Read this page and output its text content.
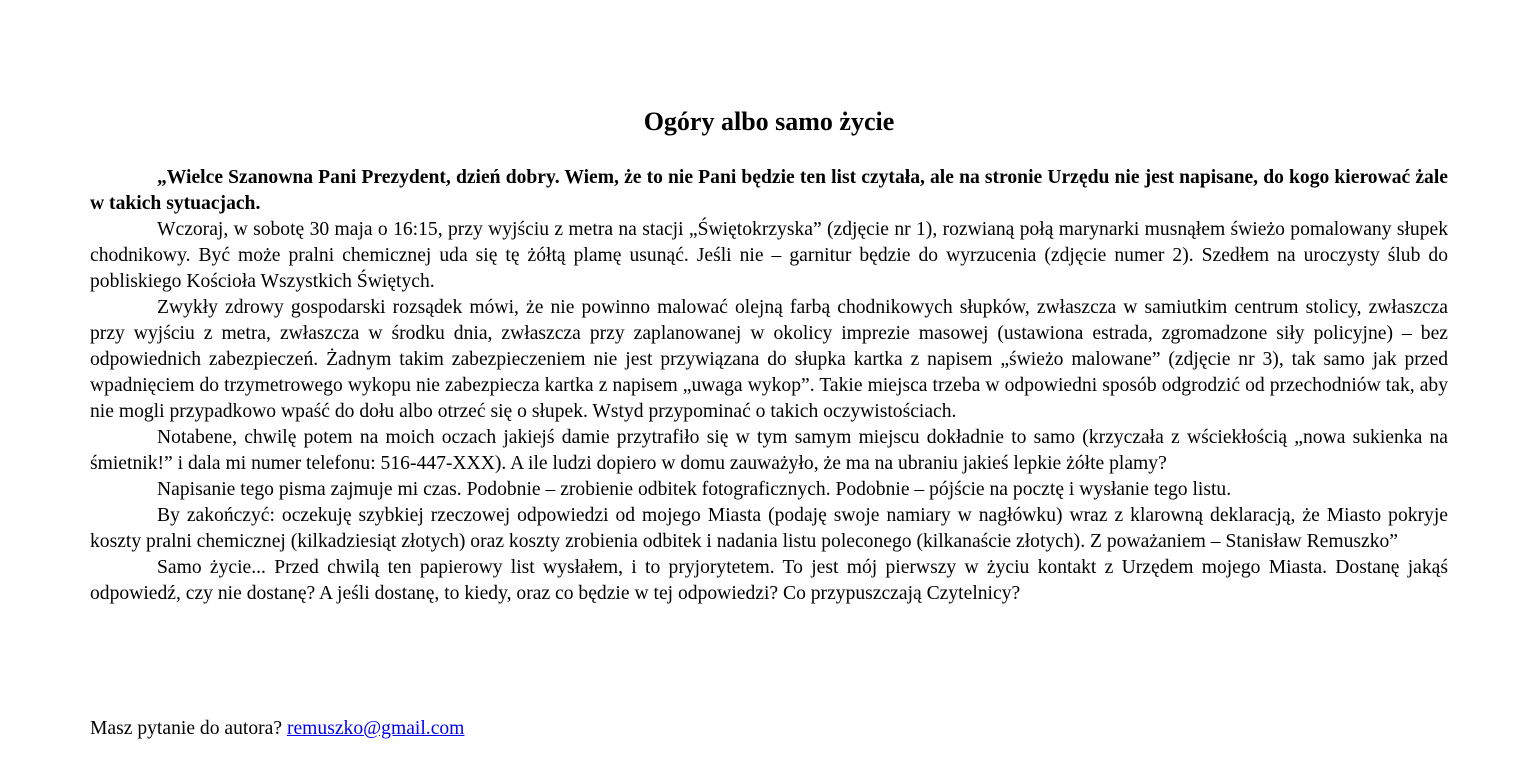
Ogóry albo samo życie

„Wielce Szanowna Pani Prezydent, dzień dobry. Wiem, że to nie Pani będzie ten list czytała, ale na stronie Urzędu nie jest napisane, do kogo kierować żale w takich sytuacjach.

Wczoraj, w sobotę 30 maja o 16:15, przy wyjściu z metra na stacji „Świętokrzyska” (zdjęcie nr 1), rozwianą połą marynarki musnąłem świeżo pomalowany słupek chodnikowy. Być może pralni chemicznej uda się tę żółtą plamę usunąć. Jeśli nie – garnitur będzie do wyrzucenia (zdjęcie numer 2). Szedłem na uroczysty ślub do pobliskiego Kościoła Wszystkich Świętych.

Zwykły zdrowy gospodarski rozsądek mówi, że nie powinno malować olejną farbą chodnikowych słupków, zwłaszcza w samiutkim centrum stolicy, zwłaszcza przy wyjściu z metra, zwłaszcza w środku dnia, zwłaszcza przy zaplanowanej w okolicy imprezie masowej (ustawiona estrada, zgromadzone siły policyjne) – bez odpowiednich zabezpieczeń. Żadnym takim zabezpieczeniem nie jest przywiązana do słupka kartka z napisem „świeżo malowane” (zdjęcie nr 3), tak samo jak przed wpadnięciem do trzymetrowego wykopu nie zabezpiecza kartka z napisem „uwaga wykop”. Takie miejsca trzeba w odpowiedni sposób odgrodzić od przechodniów tak, aby nie mogli przypadkowo wpaść do dołu albo otrzeć się o słupek. Wstyd przypominać o takich oczywistościach.

Notabene, chwilę potem na moich oczach jakiejś damie przytrafiło się w tym samym miejscu dokładnie to samo (krzyczała z wściekłością „nowa sukienka na śmietnik!” i dala mi numer telefonu: 516-447-XXX). A ile ludzi dopiero w domu zauważyło, że ma na ubraniu jakieś lepkie żółte plamy?

Napisanie tego pisma zajmuje mi czas. Podobnie – zrobienie odbitek fotograficznych. Podobnie – pójście na pocztę i wysłanie tego listu.

By zakończyć: oczekuję szybkiej rzeczowej odpowiedzi od mojego Miasta (podaję swoje namiary w nagłówku) wraz z klarowną deklaracją, że Miasto pokryje koszty pralni chemicznej (kilkadziesiąt złotych) oraz koszty zrobienia odbitek i nadania listu poleconego (kilkanaście złotych). Z poważaniem – Stanisław Remuszko”

Samo życie... Przed chwilą ten papierowy list wysłałem, i to pryjorytetem. To jest mój pierwszy w życiu kontakt z Urzędem mojego Miasta. Dostanę jakąś odpowiedź, czy nie dostanę? A jeśli dostanę, to kiedy, oraz co będzie w tej odpowiedzi? Co przypuszczają Czytelnicy?

Masz pytanie do autora? remuszko@gmail.com
